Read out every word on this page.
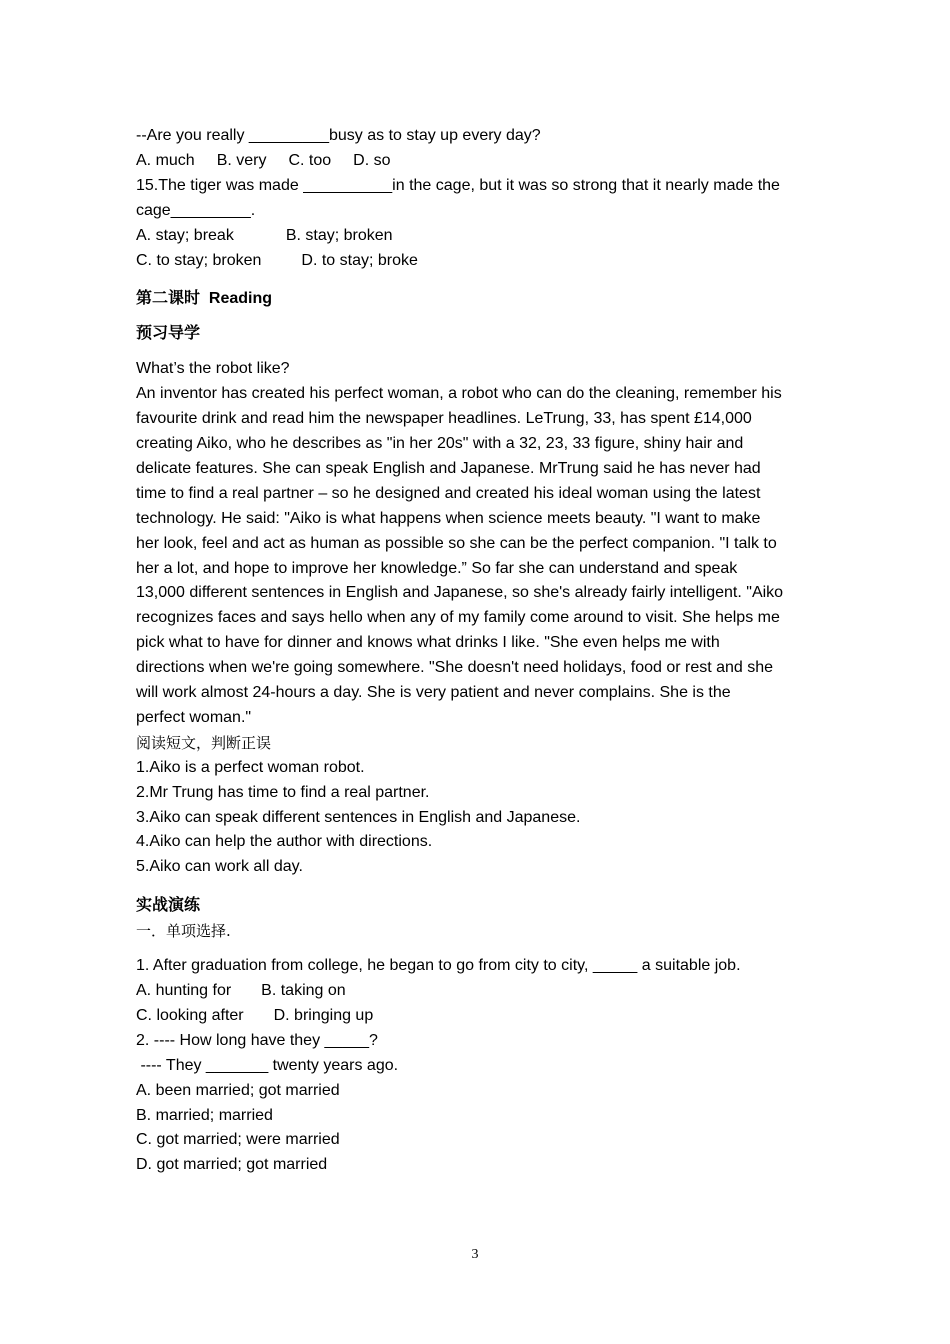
--Are you really _________busy as to stay up every day?
A. much B. very C. too D. so
15.The tiger was made __________in the cage, but it was so strong that it nearly made the
cage_________.
A. stay; break	B. stay; broken
C. to stay; broken	D. to stay; broke
第二课时 Reading
预习导学
What’s the robot like?
An inventor has created his perfect woman, a robot who can do the cleaning, remember his
favourite drink and read him the newspaper headlines. LeTrung, 33, has spent £14,000
creating Aiko, who he describes as "in her 20s" with a 32, 23, 33 figure, shiny hair and
delicate features. She can speak English and Japanese. MrTrung said he has never had
time to find a real partner – so he designed and created his ideal woman using the latest
technology. He said: "Aiko is what happens when science meets beauty. "I want to make
her look, feel and act as human as possible so she can be the perfect companion. "I talk to
her a lot, and hope to improve her knowledge.” So far she can understand and speak
13,000 different sentences in English and Japanese, so she's already fairly intelligent. "Aiko
recognizes faces and says hello when any of my family come around to visit. She helps me
pick what to have for dinner and knows what drinks I like. "She even helps me with
directions when we're going somewhere. "She doesn't need holidays, food or rest and she
will work almost 24-hours a day. She is very patient and never complains. She is the
perfect woman."
阅读短文，判断正误
1.Aiko is a perfect woman robot.
2.Mr Trung has time to find a real partner.
3.Aiko can speak different sentences in English and Japanese.
4.Aiko can help the author with directions.
5.Aiko can work all day.
实战演练
一．单项选择.
1. After graduation from college, he began to go from city to city, _____ a suitable job.
A. hunting for B. taking on
C. looking after D. bringing up
2. ---- How long have they _____?
---- They _______ twenty years ago.
A. been married; got married
B. married; married
C. got married; were married
D. got married; got married
3
